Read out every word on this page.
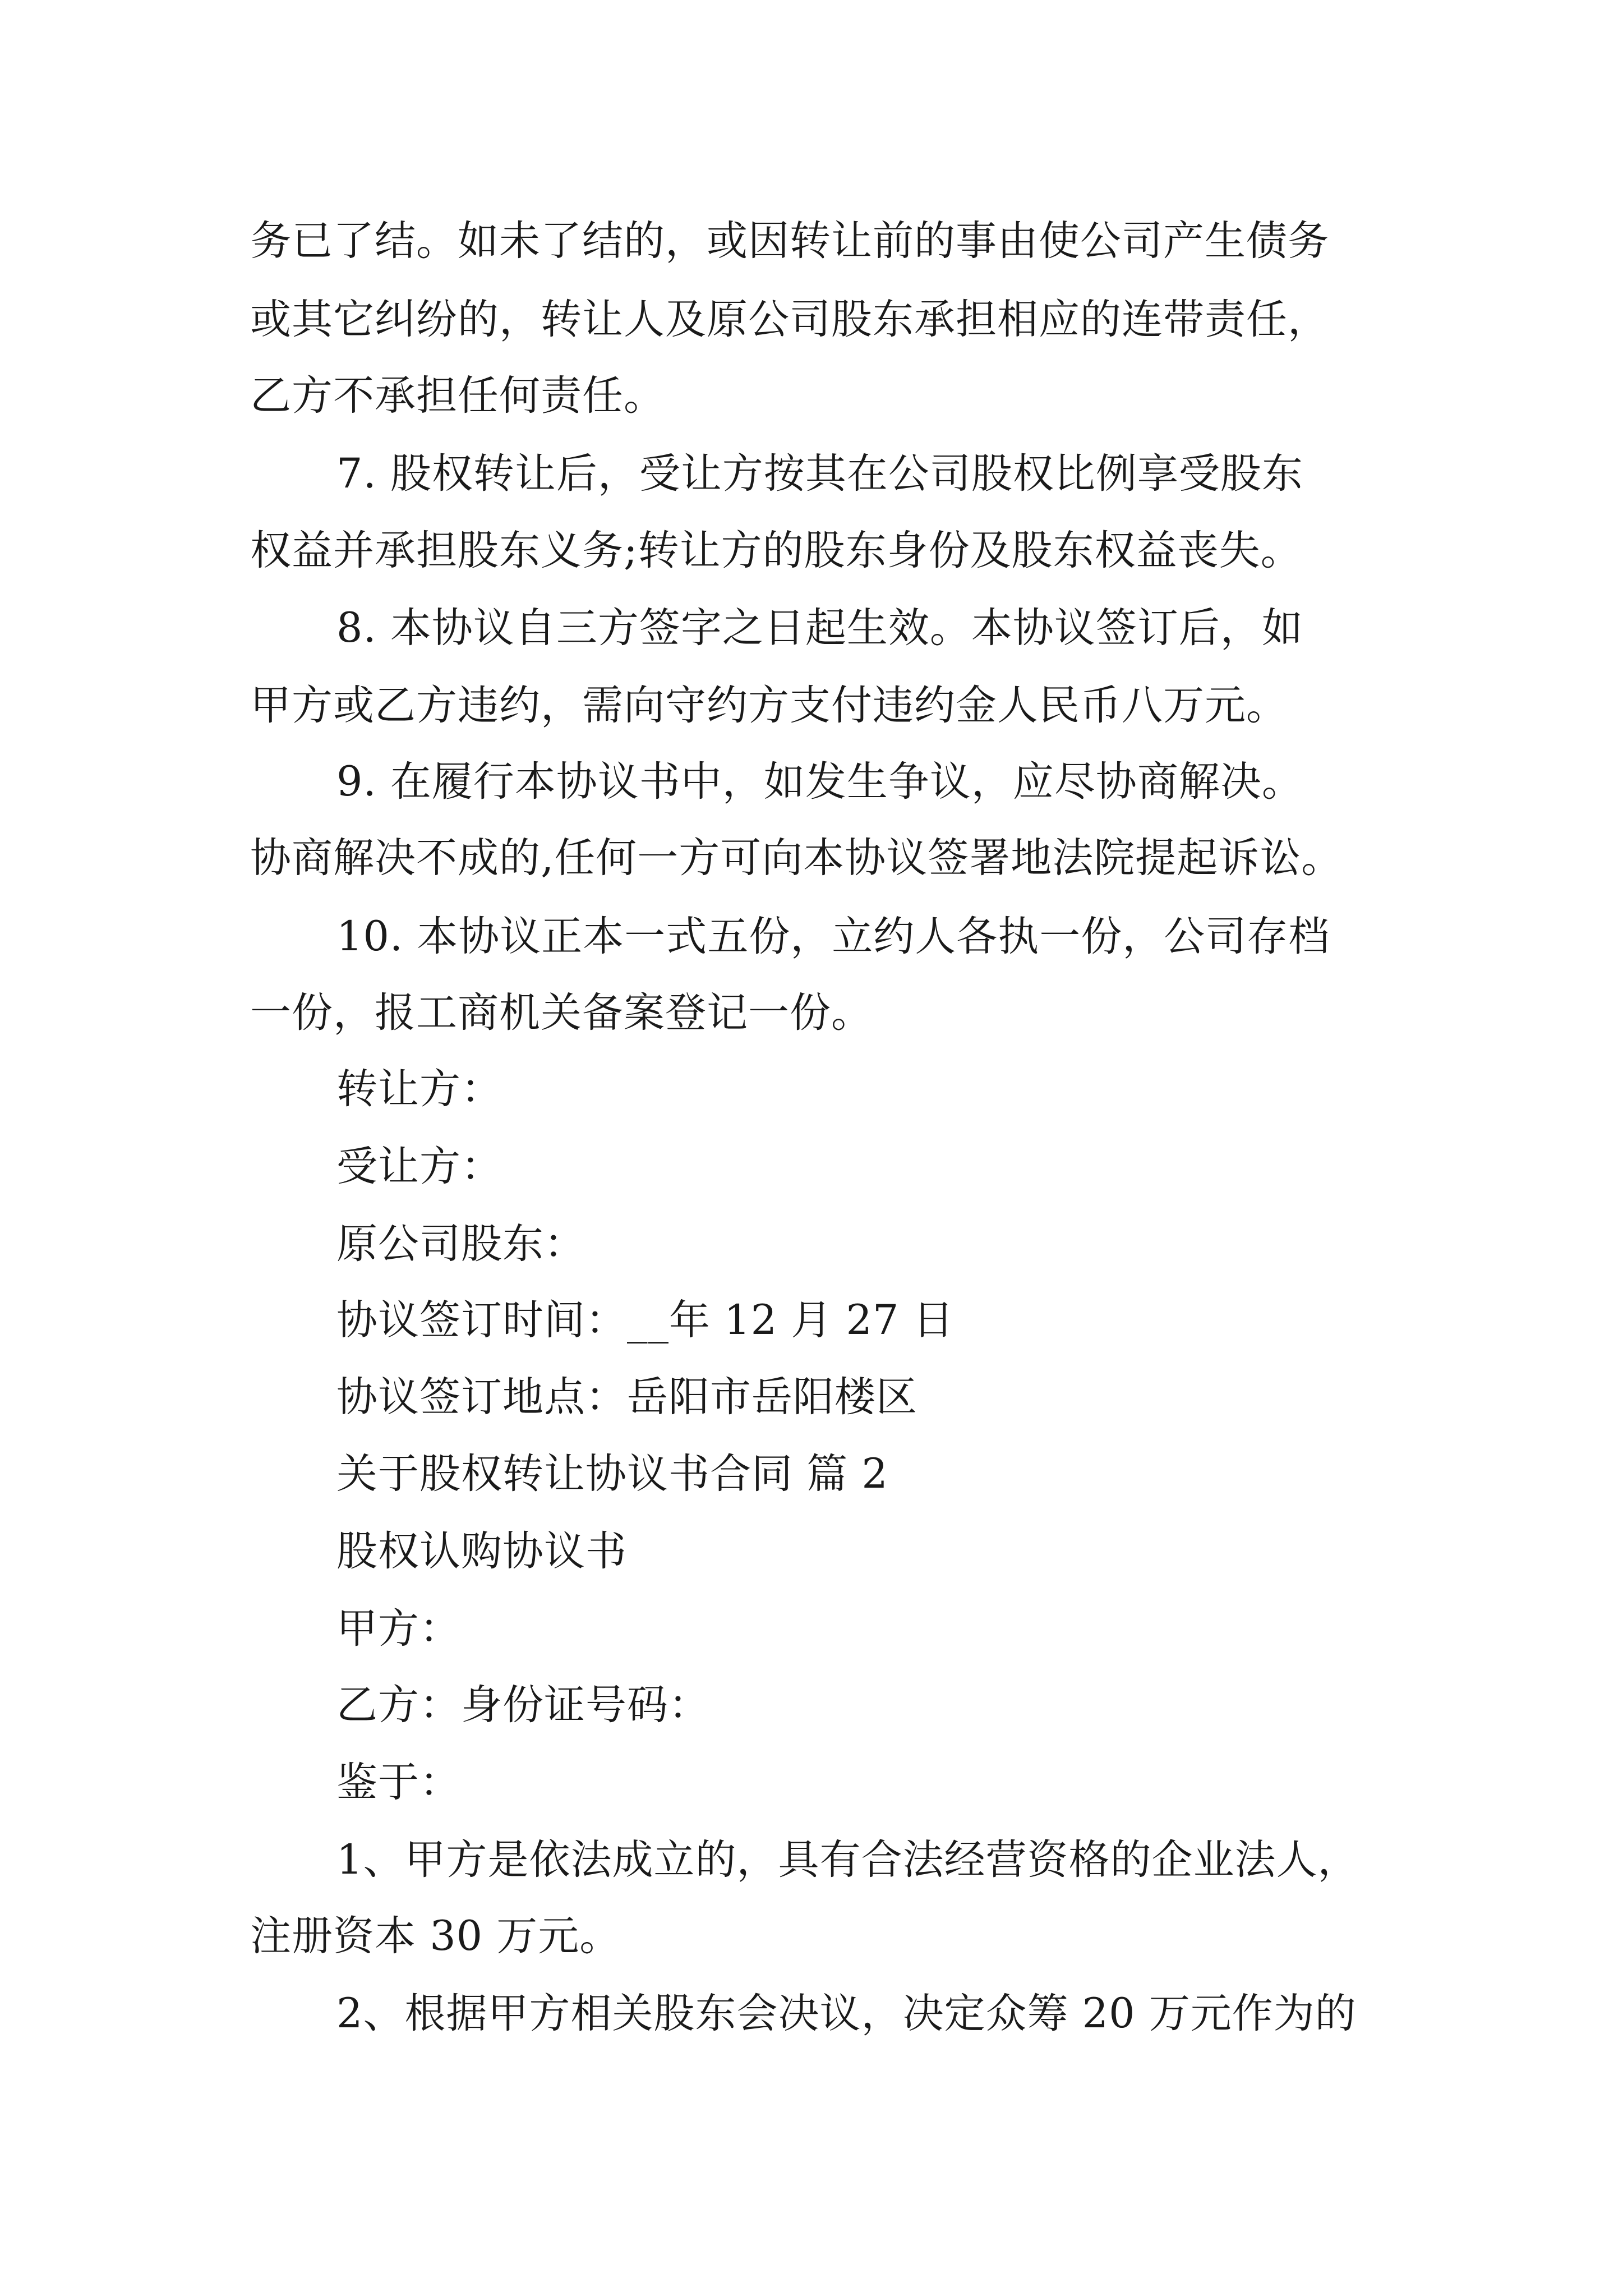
务已了结。如未了结的，或因转让前的事由使公司产生债务
或其它纠纷的，转让人及原公司股东承担相应的连带责任，
乙方不承担任何责任。
7. 股权转让后，受让方按其在公司股权比例享受股东
权益并承担股东义务;转让方的股东身份及股东权益丧失。
8. 本协议自三方签字之日起生效。本协议签订后，如
甲方或乙方违约，需向守约方支付违约金人民币八万元。
9. 在履行本协议书中，如发生争议，应尽协商解决。
协商解决不成的,任何一方可向本协议签署地法院提起诉讼。
10. 本协议正本一式五份，立约人各执一份，公司存档
一份，报工商机关备案登记一份。
转让方：
受让方：
原公司股东：
协议签订时间：__年 12 月 27 日
协议签订地点：岳阳市岳阳楼区
关于股权转让协议书合同 篇 2
股权认购协议书
甲方：
乙方：身份证号码：
鉴于：
1、甲方是依法成立的，具有合法经营资格的企业法人，
注册资本 30 万元。
2、根据甲方相关股东会决议，决定众筹 20 万元作为的
